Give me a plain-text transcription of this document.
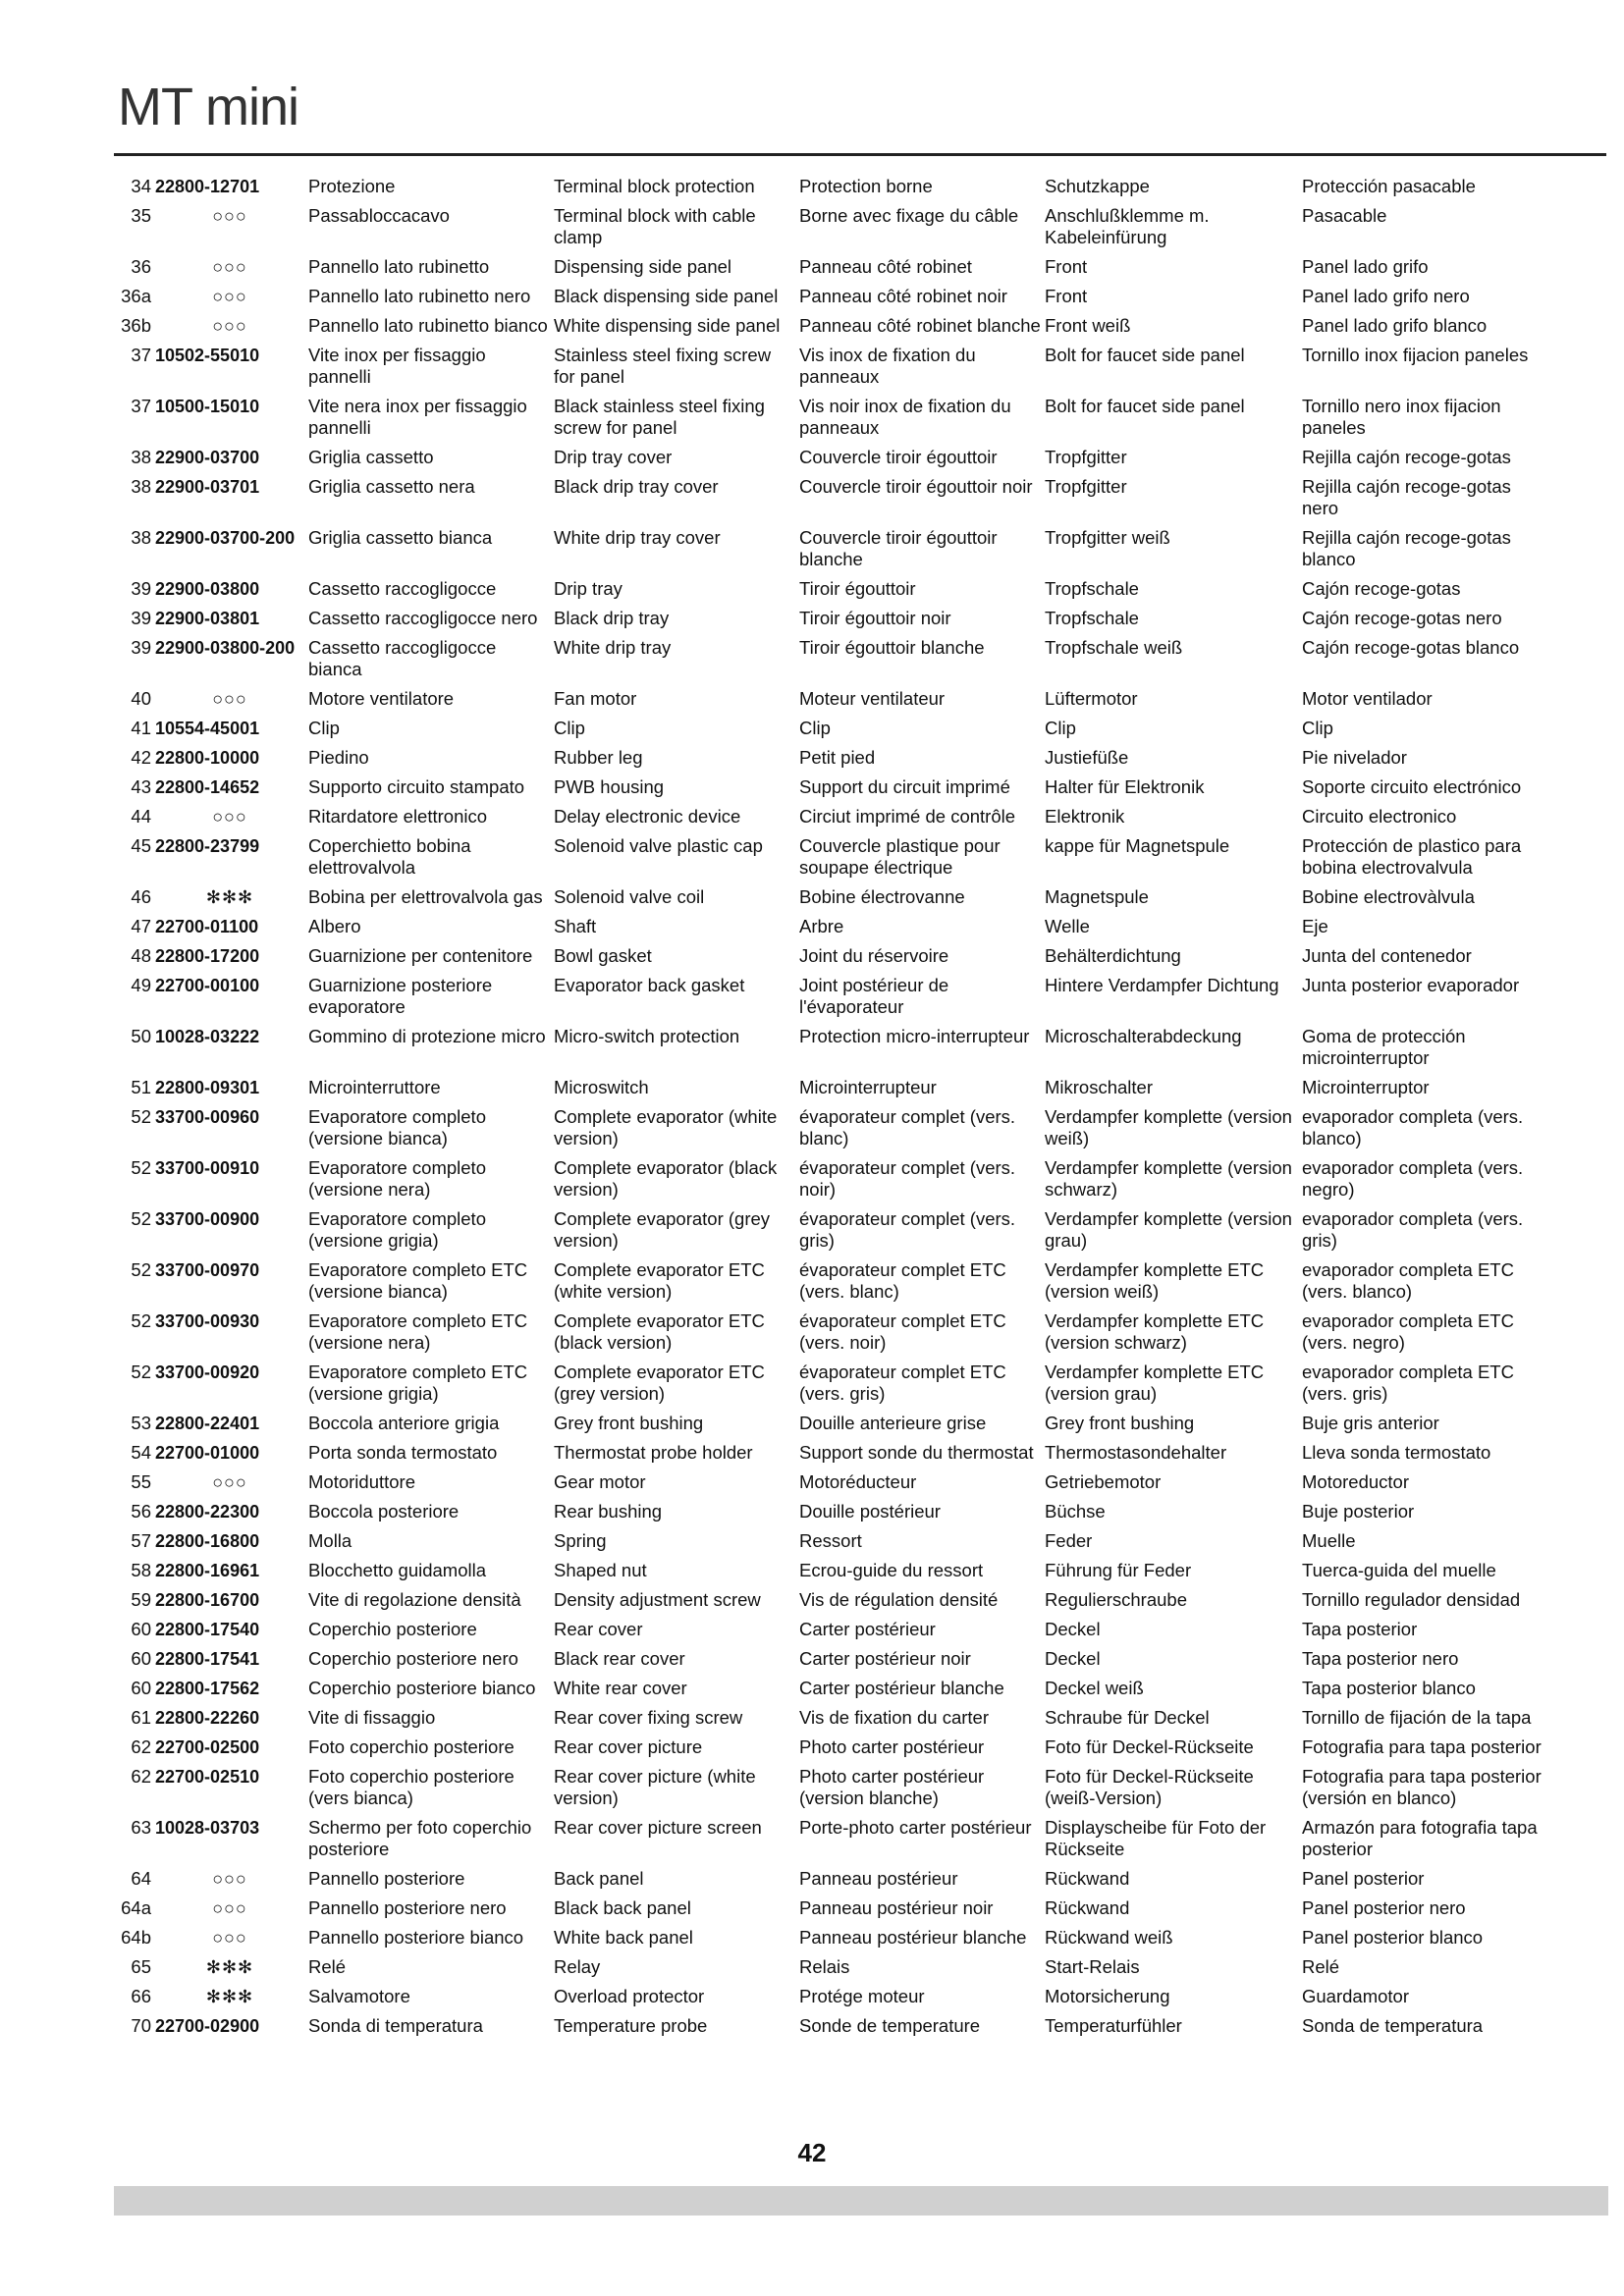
MT mini
34	22800-12701	Protezione	Terminal block protection	Protection borne	Schutzkappe	Protección pasacable
35	○○○	Passabloccacavo	Terminal block with cable clamp	Borne avec fixage du câble	Anschlußklemme m. Kabeleinfürung	Pasacable
36	○○○	Pannello lato rubinetto	Dispensing side panel	Panneau côté robinet	Front	Panel lado grifo
36a	○○○	Pannello lato rubinetto nero	Black dispensing side panel	Panneau côté robinet noir	Front	Panel lado grifo nero
36b	○○○	Pannello lato rubinetto bianco	White dispensing side panel	Panneau côté robinet blanche	Front weiß	Panel lado grifo blanco
37	10502-55010	Vite inox per fissaggio pannelli	Stainless steel fixing screw for panel	Vis inox de fixation du panneaux	Bolt for faucet side panel	Tornillo inox fijacion paneles
37	10500-15010	Vite nera inox per fissaggio pannelli	Black stainless steel fixing screw for panel	Vis noir inox de fixation du panneaux	Bolt for faucet side panel	Tornillo nero inox fijacion paneles
38	22900-03700	Griglia cassetto	Drip tray cover	Couvercle tiroir égouttoir	Tropfgitter	Rejilla cajón recoge-gotas
38	22900-03701	Griglia cassetto nera	Black drip tray cover	Couvercle tiroir égouttoir noir	Tropfgitter	Rejilla cajón recoge-gotas nero
38	22900-03700-200	Griglia cassetto bianca	White drip tray cover	Couvercle tiroir égouttoir blanche	Tropfgitter weiß	Rejilla cajón recoge-gotas blanco
39	22900-03800	Cassetto raccogligocce	Drip tray	Tiroir égouttoir	Tropfschale	Cajón recoge-gotas
39	22900-03801	Cassetto raccogligocce nero	Black drip tray	Tiroir égouttoir noir	Tropfschale	Cajón recoge-gotas nero
39	22900-03800-200	Cassetto raccogligocce bianca	White drip tray	Tiroir égouttoir blanche	Tropfschale weiß	Cajón recoge-gotas blanco
40	○○○	Motore ventilatore	Fan motor	Moteur ventilateur	Lüftermotor	Motor ventilador
41	10554-45001	Clip	Clip	Clip	Clip	Clip
42	22800-10000	Piedino	Rubber leg	Petit pied	Justiefüße	Pie nivelador
43	22800-14652	Supporto circuito stampato	PWB housing	Support du circuit imprimé	Halter für Elektronik	Soporte circuito electrónico
44	○○○	Ritardatore elettronico	Delay electronic device	Circiut imprimé de contrôle	Elektronik	Circuito electronico
45	22800-23799	Coperchietto bobina elettrovalvola	Solenoid valve plastic cap	Couvercle plastique pour soupape électrique	kappe für Magnetspule	Protección de plastico para bobina electrovalvula
46	✻✻✻	Bobina per elettrovalvola gas	Solenoid valve coil	Bobine électrovanne	Magnetspule	Bobine electrovàlvula
47	22700-01100	Albero	Shaft	Arbre	Welle	Eje
48	22800-17200	Guarnizione per contenitore	Bowl gasket	Joint du réservoire	Behälterdichtung	Junta del contenedor
49	22700-00100	Guarnizione posteriore evaporatore	Evaporator back gasket	Joint postérieur de l'évaporateur	Hintere Verdampfer Dichtung	Junta posterior evaporador
50	10028-03222	Gommino di protezione micro	Micro-switch protection	Protection micro-interrupteur	Microschalterabdeckung	Goma de protección microinterruptor
51	22800-09301	Microinterruttore	Microswitch	Microinterrupteur	Mikroschalter	Microinterruptor
52	33700-00960	Evaporatore completo (versione bianca)	Complete evaporator (white version)	évaporateur complet (vers. blanc)	Verdampfer komplette (version weiß)	evaporador completa (vers. blanco)
52	33700-00910	Evaporatore completo (versione nera)	Complete evaporator (black version)	évaporateur complet (vers. noir)	Verdampfer komplette (version schwarz)	evaporador completa (vers. negro)
52	33700-00900	Evaporatore completo (versione grigia)	Complete evaporator (grey version)	évaporateur complet (vers. gris)	Verdampfer komplette (version grau)	evaporador completa (vers. gris)
52	33700-00970	Evaporatore completo ETC (versione bianca)	Complete evaporator ETC (white version)	évaporateur complet ETC (vers. blanc)	Verdampfer komplette ETC (version weiß)	evaporador completa ETC (vers. blanco)
52	33700-00930	Evaporatore completo ETC (versione nera)	Complete evaporator ETC (black version)	évaporateur complet ETC (vers. noir)	Verdampfer komplette ETC (version schwarz)	evaporador completa ETC (vers. negro)
52	33700-00920	Evaporatore completo ETC (versione grigia)	Complete evaporator ETC (grey version)	évaporateur complet ETC (vers. gris)	Verdampfer komplette ETC (version grau)	evaporador completa ETC (vers. gris)
53	22800-22401	Boccola anteriore grigia	Grey front bushing	Douille anterieure grise	Grey front bushing	Buje gris anterior
54	22700-01000	Porta sonda termostato	Thermostat probe holder	Support sonde du thermostat	Thermostasondehalter	Lleva sonda termostato
55	○○○	Motoriduttore	Gear motor	Motoréducteur	Getriebemotor	Motoreductor
56	22800-22300	Boccola posteriore	Rear bushing	Douille postérieur	Büchse	Buje posterior
57	22800-16800	Molla	Spring	Ressort	Feder	Muelle
58	22800-16961	Blocchetto guidamolla	Shaped nut	Ecrou-guide du ressort	Führung für Feder	Tuerca-guida del muelle
59	22800-16700	Vite di regolazione densità	Density adjustment screw	Vis de régulation densité	Regulierschraube	Tornillo regulador densidad
60	22800-17540	Coperchio posteriore	Rear cover	Carter postérieur	Deckel	Tapa posterior
60	22800-17541	Coperchio posteriore nero	Black rear cover	Carter postérieur noir	Deckel	Tapa posterior nero
60	22800-17562	Coperchio posteriore bianco	White rear cover	Carter postérieur blanche	Deckel weiß	Tapa posterior blanco
61	22800-22260	Vite di fissaggio	Rear cover fixing screw	Vis de fixation du carter	Schraube für Deckel	Tornillo de fijación de la tapa
62	22700-02500	Foto coperchio posteriore	Rear cover picture	Photo carter postérieur	Foto für Deckel-Rückseite	Fotografia para tapa posterior
62	22700-02510	Foto coperchio posteriore (vers bianca)	Rear cover picture (white version)	Photo carter postérieur (version blanche)	Foto für Deckel-Rückseite (weiß-Version)	Fotografia para tapa posterior (versión en blanco)
63	10028-03703	Schermo per foto coperchio posteriore	Rear cover picture screen	Porte-photo carter postérieur	Displayscheibe für Foto der Rückseite	Armazón para fotografia tapa posterior
64	○○○	Pannello posteriore	Back panel	Panneau postérieur	Rückwand	Panel posterior
64a	○○○	Pannello posteriore nero	Black back panel	Panneau postérieur noir	Rückwand	Panel posterior nero
64b	○○○	Pannello posteriore bianco	White back panel	Panneau postérieur blanche	Rückwand weiß	Panel posterior blanco
65	✻✻✻	Relé	Relay	Relais	Start-Relais	Relé
66	✻✻✻	Salvamotore	Overload protector	Protége moteur	Motorsicherung	Guardamotor
70	22700-02900	Sonda di temperatura	Temperature probe	Sonde de temperature	Temperaturfühler	Sonda de temperatura
42
